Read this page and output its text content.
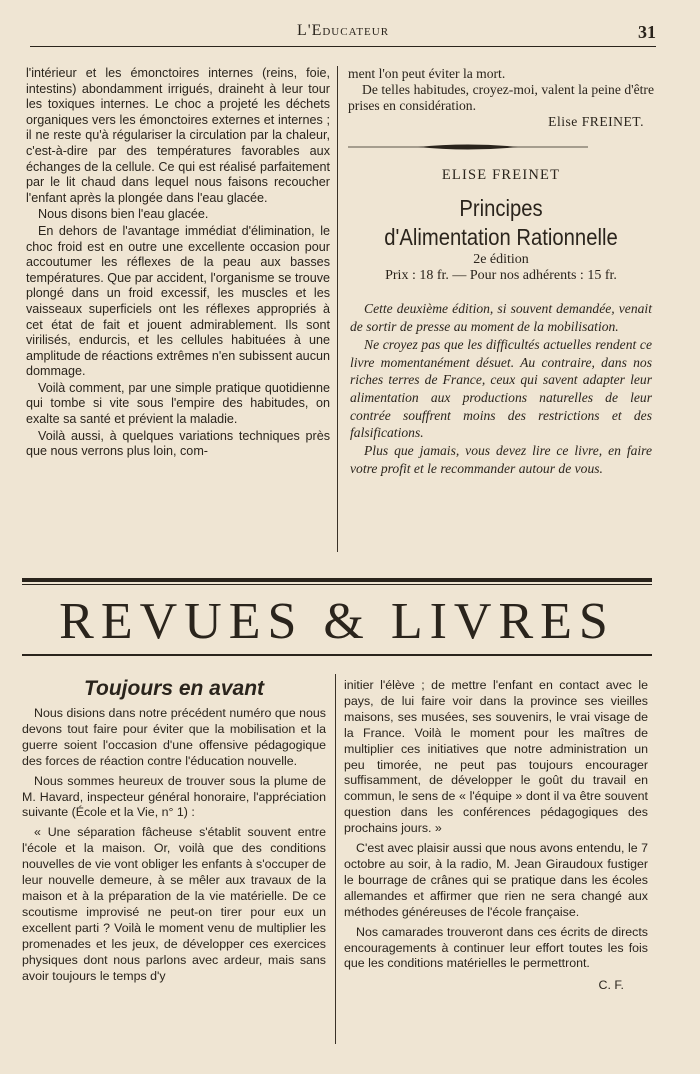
L'Educateur	31

l'intérieur et les émonctoires internes (reins, foie, intestins) abondamment irrigués, draineht à leur tour les toxiques internes. Le choc a projeté les déchets organiques vers les émonctoires externes et internes ; il ne reste qu'à régulariser la circulation par la chaleur, c'est-à-dire par des températures favorables aux échanges de la cellule. Ce qui est réalisé parfaitement par le lit chaud dans lequel nous faisons recoucher l'enfant après la plongée dans l'eau glacée.

Nous disons bien l'eau glacée.

En dehors de l'avantage immédiat d'élimination, le choc froid est en outre une excellente occasion pour accoutumer les réflexes de la peau aux basses températures. Que par accident, l'organisme se trouve plongé dans un froid excessif, les muscles et les vaisseaux superficiels ont les réflexes appropriés à cet état de fait et jouent admirablement. Ils sont virilisés, endurcis, et les cellules habituées à une amplitude de réactions extrêmes n'en subissent aucun dommage.

Voilà comment, par une simple pratique quotidienne qui tombe si vite sous l'empire des habitudes, on exalte sa santé et prévient la maladie.

Voilà aussi, à quelques variations techniques près que nous verrons plus loin, com-

ment l'on peut éviter la mort.

De telles habitudes, croyez-moi, valent la peine d'être prises en considération.

Elise FREINET.
ELISE FREINET
Principes
d'Alimentation Rationnelle
2e édition
Prix : 18 fr. — Pour nos adhérents : 15 fr.

Cette deuxième édition, si souvent demandée, venait de sortir de presse au moment de la mobilisation.

Ne croyez pas que les difficultés actuelles rendent ce livre momentanément désuet. Au contraire, dans nos riches terres de France, ceux qui savent adapter leur alimentation aux productions naturelles de leur contrée souffrent moins des restrictions et des falsifications.

Plus que jamais, vous devez lire ce livre, en faire votre profit et le recommander autour de vous.

REVUES & LIVRES
Toujours en avant

Nous disions dans notre précédent numéro que nous devons tout faire pour éviter que la mobilisation et la guerre soient l'occasion d'une offensive pédagogique des forces de réaction contre l'éducation nouvelle.

Nous sommes heureux de trouver sous la plume de M. Havard, inspecteur général honoraire, l'appréciation suivante (École et la Vie, n° 1) :

« Une séparation fâcheuse s'établit souvent entre l'école et la maison. Or, voilà que des conditions nouvelles de vie vont obliger les enfants à s'occuper de leur nouvelle demeure, à se mêler aux travaux de la maison et à la préparation de la vie matérielle. De ce scoutisme improvisé ne peut-on tirer pour eux un excellent parti ? Voilà le moment venu de multiplier les promenades et les jeux, de développer ces exercices physiques dont nous parlons avec ardeur, mais sans avoir toujours le temps d'y

initier l'élève ; de mettre l'enfant en contact avec le pays, de lui faire voir dans la province ses vieilles maisons, ses musées, ses souvenirs, le vrai visage de la France. Voilà le moment pour les maîtres de multiplier ces initiatives que notre administration un peu timorée, ne peut pas toujours encourager suffisamment, de développer le goût du travail en commun, le sens de « l'équipe » dont il va être souvent question dans les conférences pédagogiques des prochains jours. »

C'est avec plaisir aussi que nous avons entendu, le 7 octobre au soir, à la radio, M. Jean Giraudoux fustiger le bourrage de crânes qui se pratique dans les écoles allemandes et affirmer que rien ne sera changé aux méthodes généreuses de l'école française.

Nos camarades trouveront dans ces écrits de directs encouragements à continuer leur effort toutes les fois que les conditions matérielles le permettront.

C. F.
